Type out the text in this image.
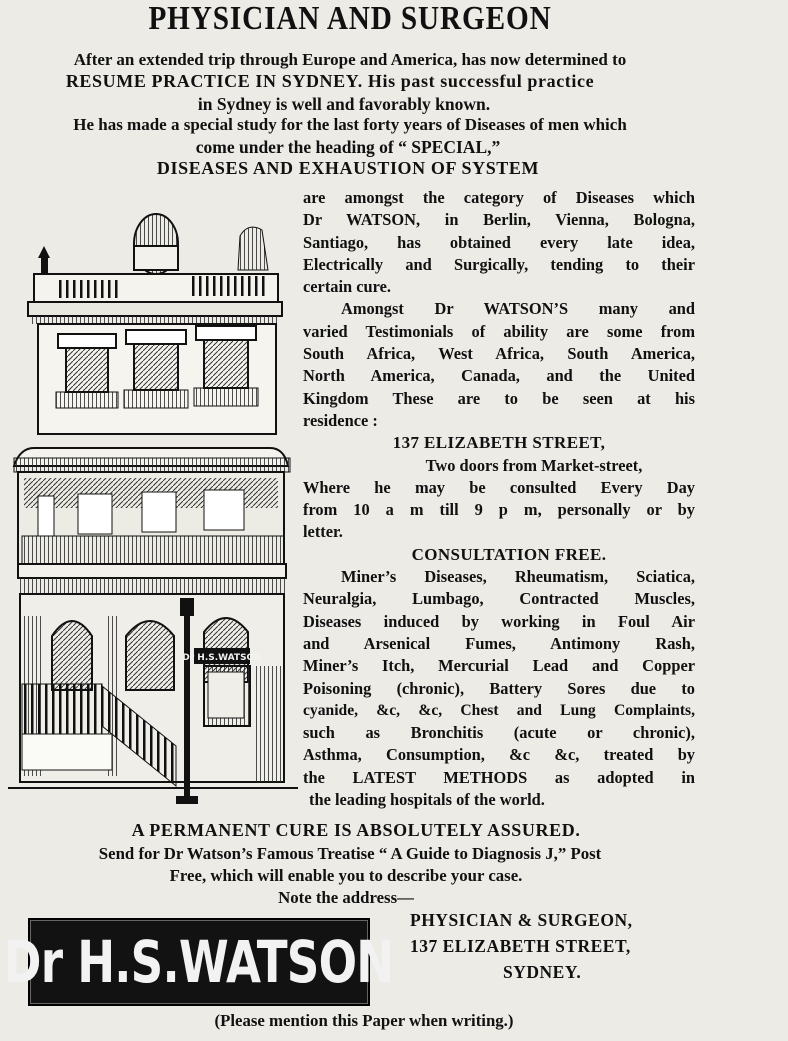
PHYSICIAN AND SURGEON
After an extended trip through Europe and America, has now determined to
RESUME PRACTICE IN SYDNEY. His past successful practice
in Sydney is well and favorably known.
He has made a special study for the last forty years of Diseases of men which
come under the heading of “ SPECIAL,”
DISEASES AND EXHAUSTION OF SYSTEM
are amongst the category of Diseases which
Dr WATSON, in Berlin, Vienna, Bologna,
Santiago, has obtained every late idea,
Electrically and Surgically, tending to their
certain cure.
Amongst Dr WATSON’S many and
varied Testimonials of ability are some from
South Africa, West Africa, South America,
North America, Canada, and the United
Kingdom These are to be seen at his
residence :
137 ELIZABETH STREET,
Two doors from Market-street,
Where he may be consulted Every Day
from 10 a m till 9 p m, personally or by
letter.
CONSULTATION FREE.
Miner’s Diseases, Rheumatism, Sciatica,
Neuralgia, Lumbago, Contracted Muscles,
Diseases induced by working in Foul Air
and Arsenical Fumes, Antimony Rash,
Miner’s Itch, Mercurial Lead and Copper
Poisoning (chronic), Battery Sores due to
cyanide, &c, &c, Chest and Lung Complaints,
such as Bronchitis (acute or chronic),
Asthma, Consumption, &c &c, treated by
the LATEST METHODS as adopted in
the leading hospitals of the world.
Dr H.S.WATSON
A PERMANENT CURE IS ABSOLUTELY ASSURED.
Send for Dr Watson’s Famous Treatise “ A Guide to Diagnosis J,” Post
Free, which will enable you to describe your case.
Note the address—
Dr H.S.WATSON
PHYSICIAN & SURGEON,
137 ELIZABETH STREET,
SYDNEY.
(Please mention this Paper when writing.)
